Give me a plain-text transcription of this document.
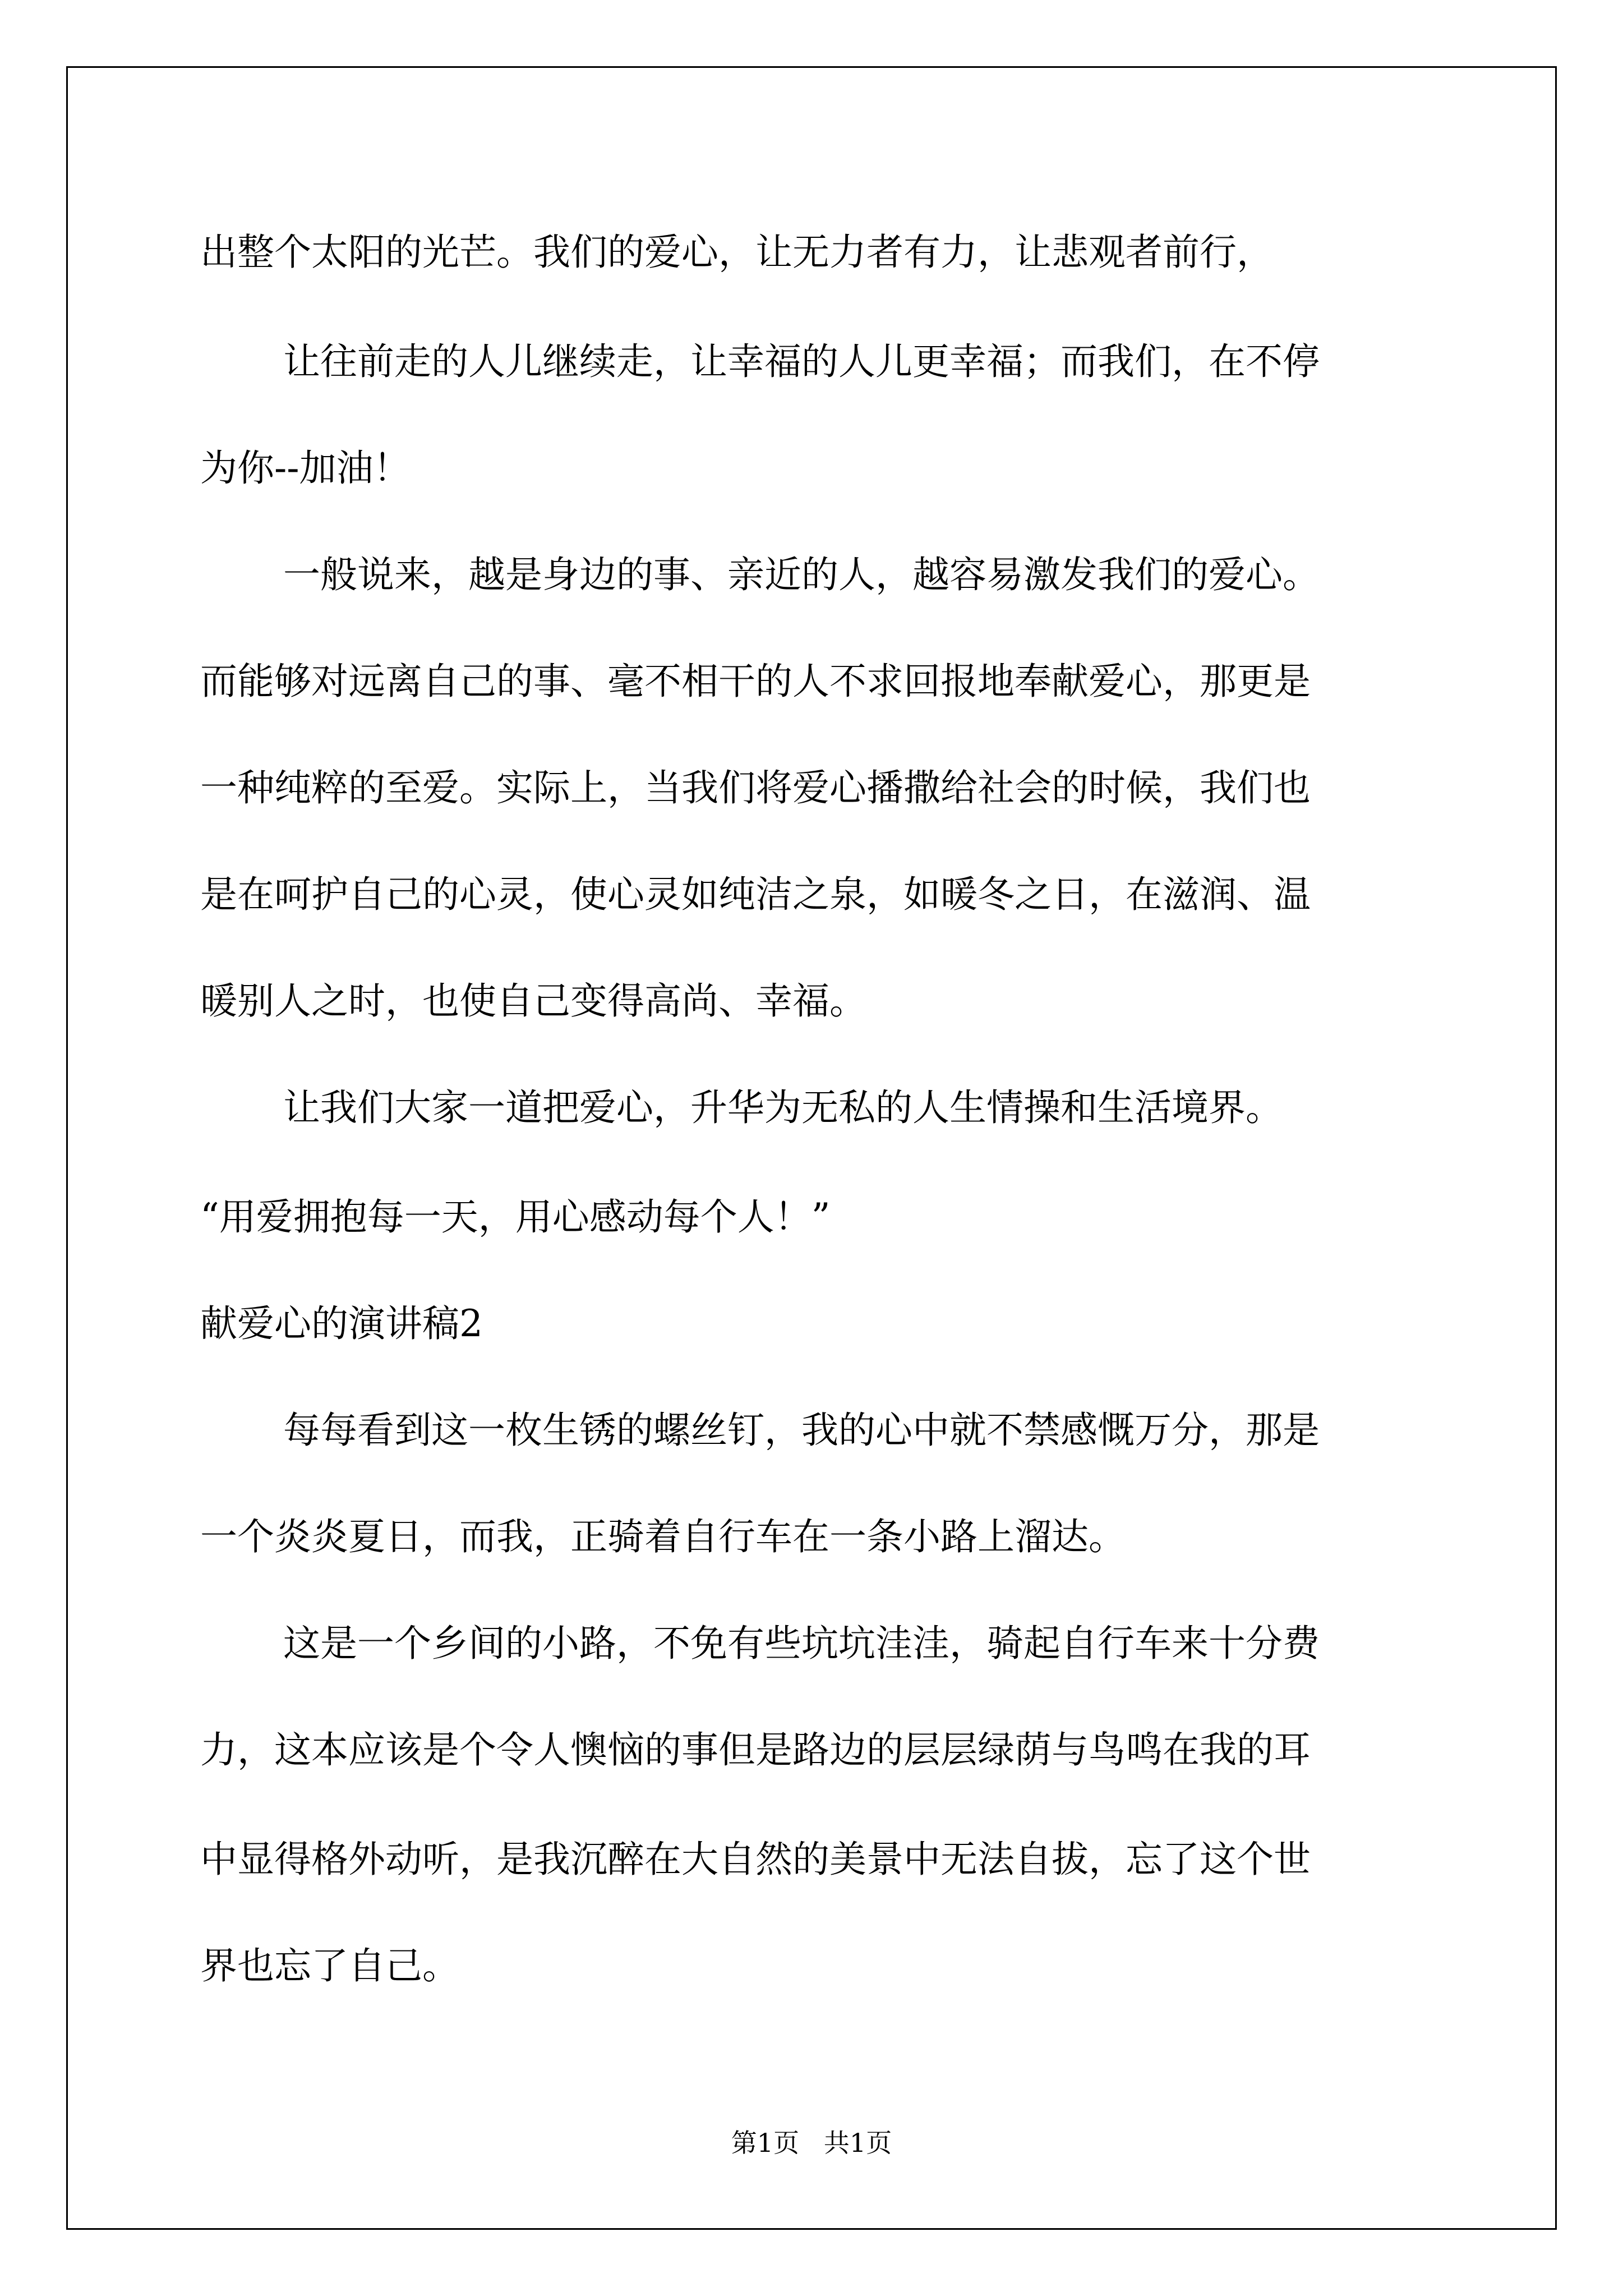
出整个太阳的光芒。我们的爱心，让无力者有力，让悲观者前行，
让往前走的人儿继续走，让幸福的人儿更幸福；而我们，在不停
为你--加油！
一般说来，越是身边的事、亲近的人，越容易激发我们的爱心。
而能够对远离自己的事、毫不相干的人不求回报地奉献爱心，那更是
一种纯粹的至爱。实际上，当我们将爱心播撒给社会的时候，我们也
是在呵护自己的心灵，使心灵如纯洁之泉，如暖冬之日，在滋润、温
暖别人之时，也使自己变得高尚、幸福。
让我们大家一道把爱心，升华为无私的人生情操和生活境界。
“用爱拥抱每一天，用心感动每个人！”
献爱心的演讲稿2
每每看到这一枚生锈的螺丝钉，我的心中就不禁感慨万分，那是
一个炎炎夏日，而我，正骑着自行车在一条小路上溜达。
这是一个乡间的小路，不免有些坑坑洼洼，骑起自行车来十分费
力，这本应该是个令人懊恼的事但是路边的层层绿荫与鸟鸣在我的耳
中显得格外动听，是我沉醉在大自然的美景中无法自拔，忘了这个世
界也忘了自己。
第1页   共1页
